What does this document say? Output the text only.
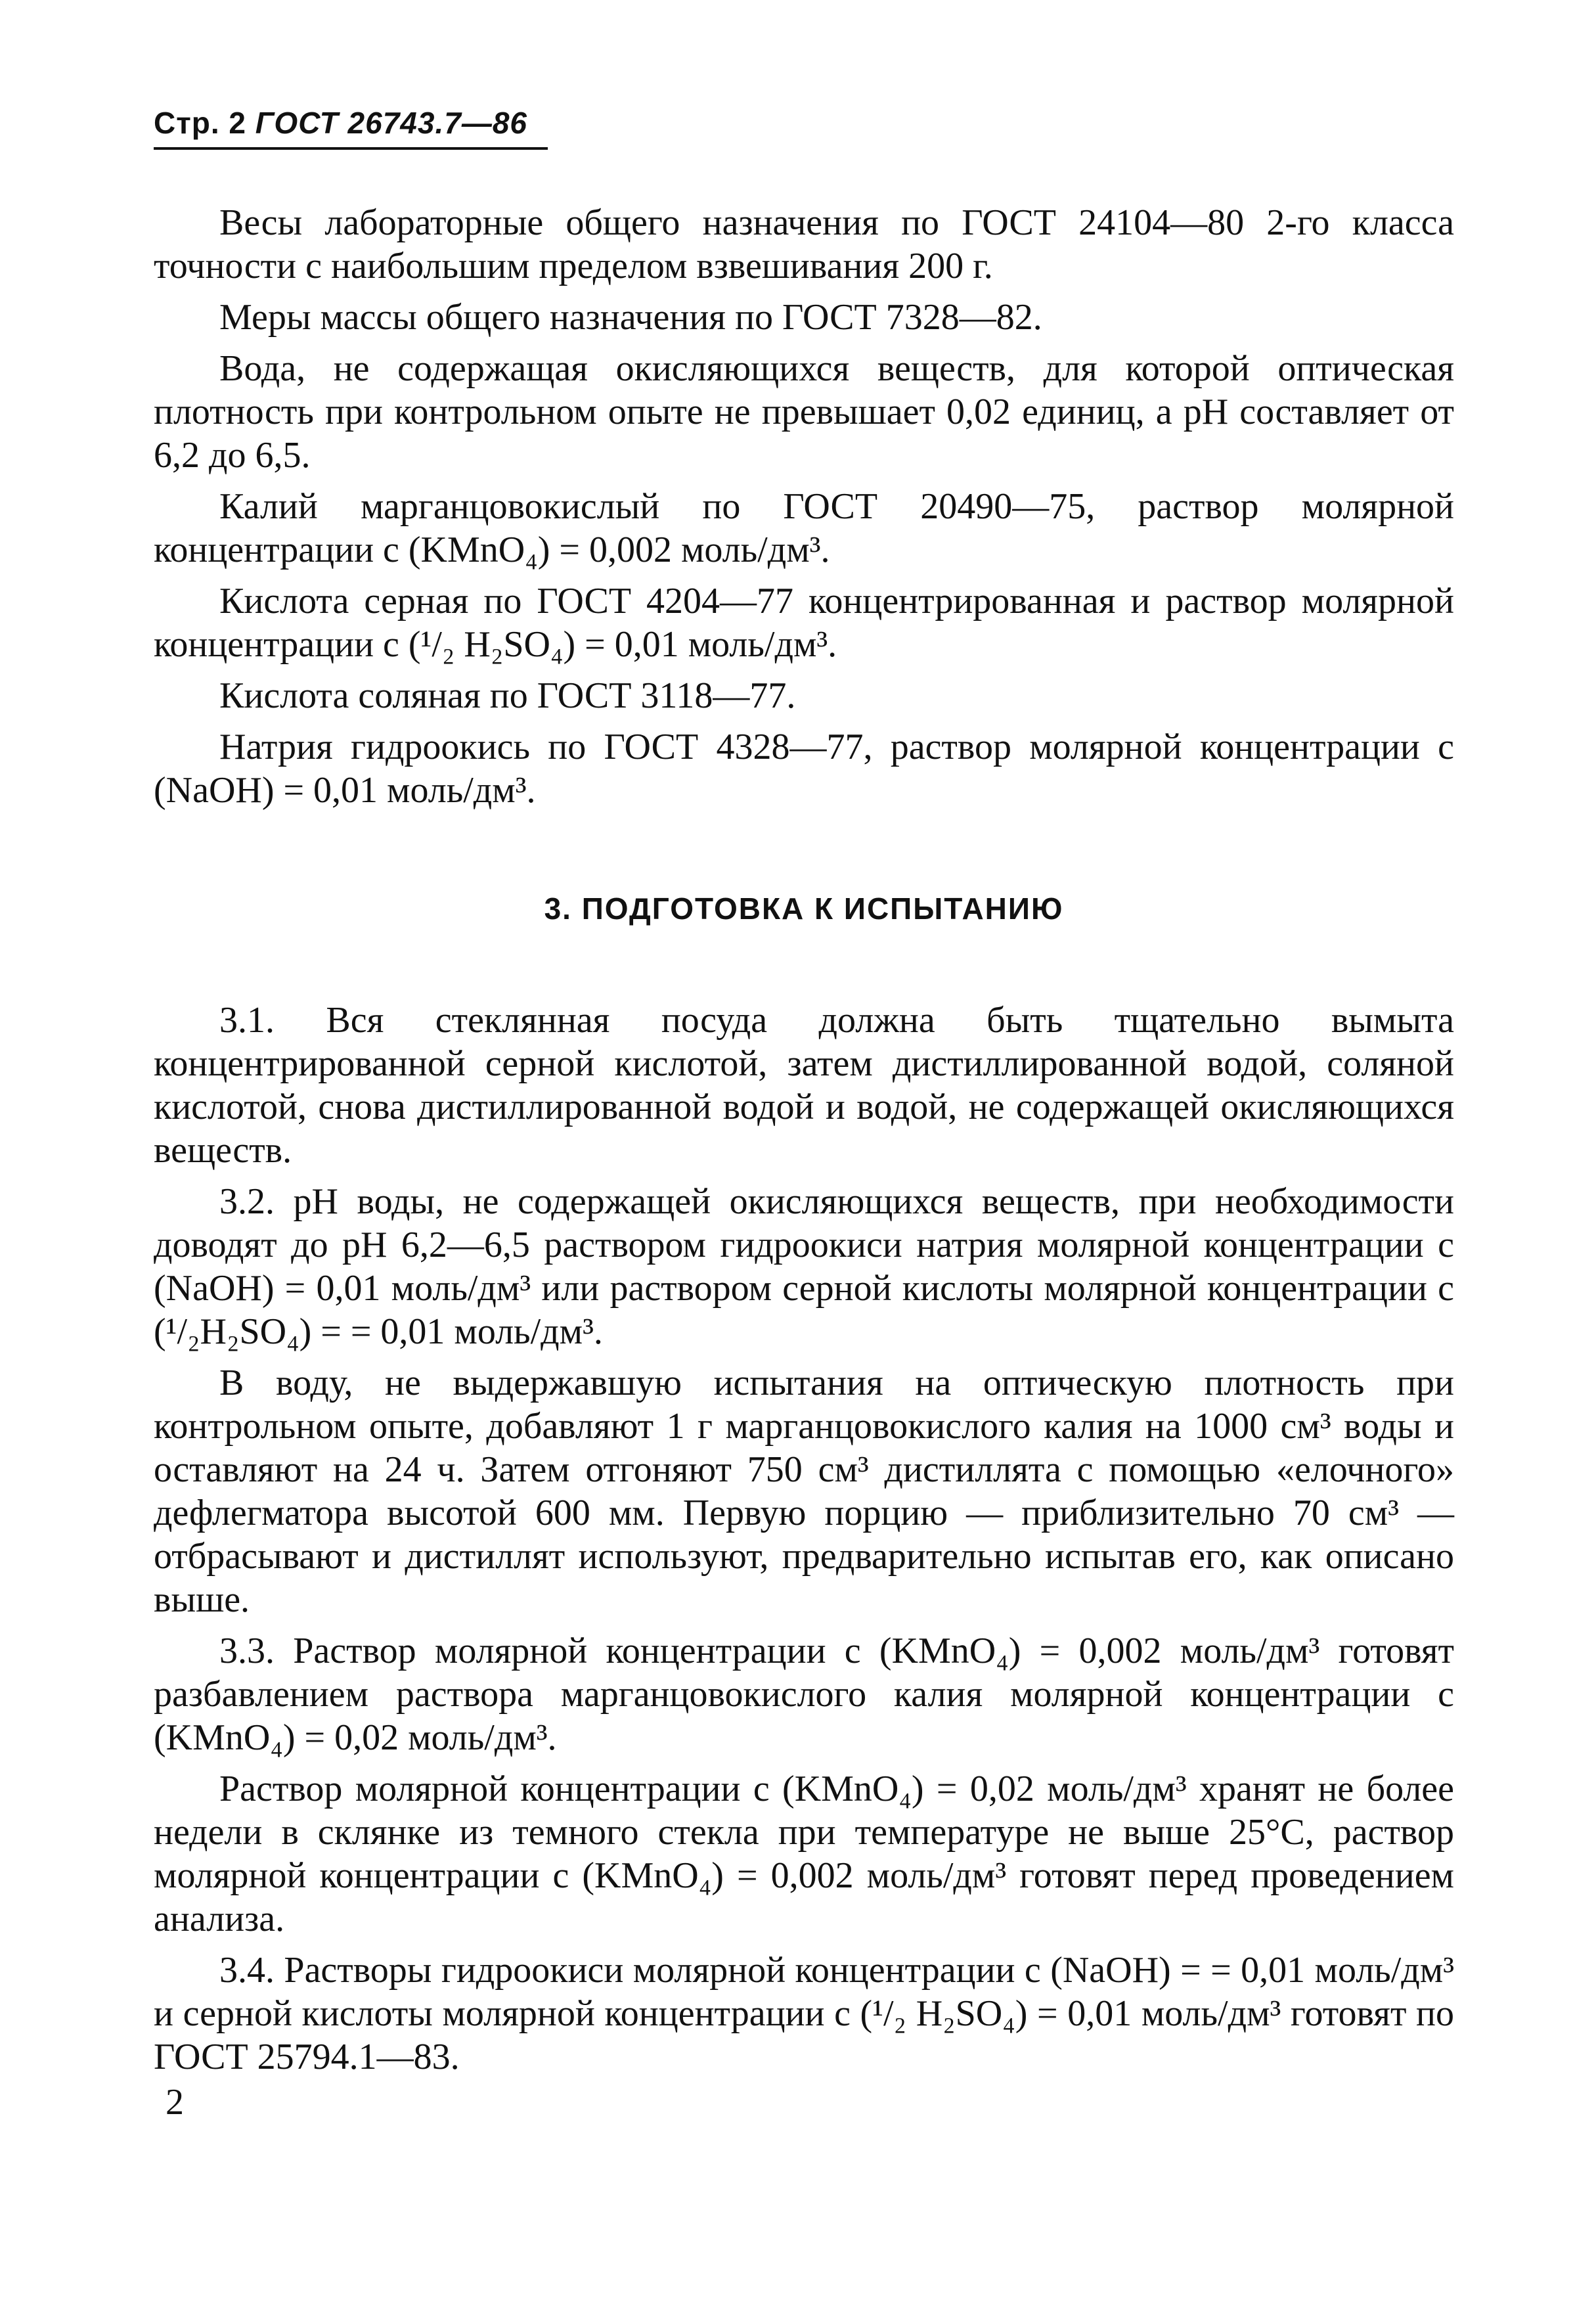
Стр. 2 ГОСТ 26743.7—86

Весы лабораторные общего назначения по ГОСТ 24104—80 2-го класса точности с наибольшим пределом взвешивания 200 г.

Меры массы общего назначения по ГОСТ 7328—82.

Вода, не содержащая окисляющихся веществ, для которой оптическая плотность при контрольном опыте не превышает 0,02 единиц, а pH составляет от 6,2 до 6,5.

Калий марганцовокислый по ГОСТ 20490—75, раствор молярной концентрации с (KMnO₄) = 0,002 моль/дм³.

Кислота серная по ГОСТ 4204—77 концентрированная и раствор молярной концентрации с (¹/₂ H₂SO₄) = 0,01 моль/дм³.

Кислота соляная по ГОСТ 3118—77.

Натрия гидроокись по ГОСТ 4328—77, раствор молярной концентрации с (NaOH) = 0,01 моль/дм³.

3. ПОДГОТОВКА К ИСПЫТАНИЮ

3.1. Вся стеклянная посуда должна быть тщательно вымыта концентрированной серной кислотой, затем дистиллированной водой, соляной кислотой, снова дистиллированной водой и водой, не содержащей окисляющихся веществ.

3.2. pH воды, не содержащей окисляющихся веществ, при необходимости доводят до pH 6,2—6,5 раствором гидроокиси натрия молярной концентрации с (NaOH) = 0,01 моль/дм³ или раствором серной кислоты молярной концентрации с (¹/₂H₂SO₄) = = 0,01 моль/дм³.

В воду, не выдержавшую испытания на оптическую плотность при контрольном опыте, добавляют 1 г марганцовокислого калия на 1000 см³ воды и оставляют на 24 ч. Затем отгоняют 750 см³ дистиллята с помощью «елочного» дефлегматора высотой 600 мм. Первую порцию — приблизительно 70 см³ — отбрасывают и дистиллят используют, предварительно испытав его, как описано выше.

3.3. Раствор молярной концентрации с (KMnO₄) = 0,002 моль/дм³ готовят разбавлением раствора марганцовокислого калия молярной концентрации с (KMnO₄) = 0,02 моль/дм³.

Раствор молярной концентрации с (KMnO₄) = 0,02 моль/дм³ хранят не более недели в склянке из темного стекла при температуре не выше 25°С, раствор молярной концентрации с (KMnO₄) = 0,002 моль/дм³ готовят перед проведением анализа.

3.4. Растворы гидроокиси молярной концентрации с (NaOH) = = 0,01 моль/дм³ и серной кислоты молярной концентрации с (¹/₂ H₂SO₄) = 0,01 моль/дм³ готовят по ГОСТ 25794.1—83.

2
